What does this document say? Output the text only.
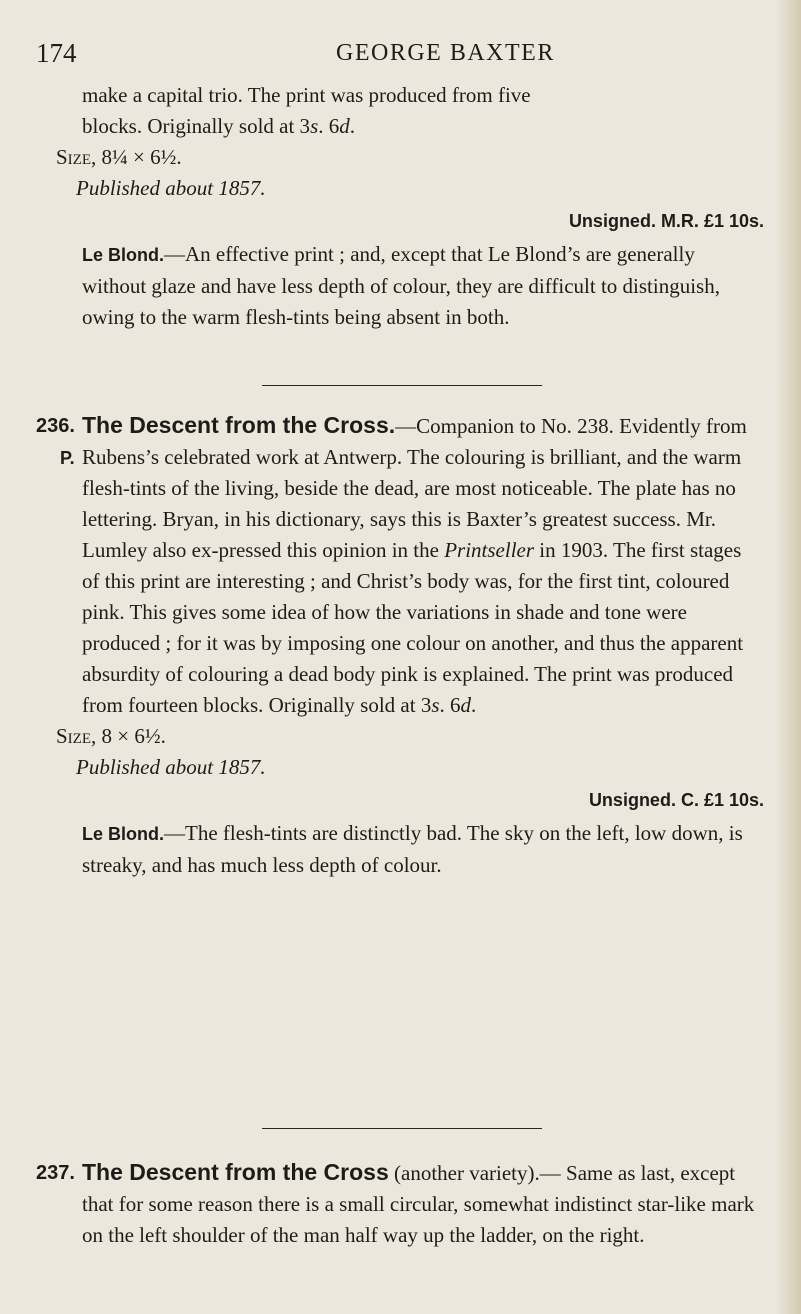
174	GEORGE BAXTER

make a capital trio. The print was produced from five

blocks. Originally sold at 3s. 6d.

Size, 8¼ × 6½.

Published about 1857.

Unsigned. M.R. £1 10s.

Le Blond.—An effective print ; and, except that Le Blond’s are generally without glaze and have less depth of colour, they are difficult to distinguish, owing to the warm flesh-tints being absent in both.

236.
P.

The Descent from the Cross.—Companion to No. 238. Evidently from Rubens’s celebrated work at Antwerp. The colouring is brilliant, and the warm flesh-tints of the living, beside the dead, are most noticeable. The plate has no lettering. Bryan, in his dictionary, says this is Baxter’s greatest success. Mr. Lumley also ex-pressed this opinion in the Printseller in 1903. The first stages of this print are interesting ; and Christ’s body was, for the first tint, coloured pink. This gives some idea of how the variations in shade and tone were produced ; for it was by imposing one colour on another, and thus the apparent absurdity of colouring a dead body pink is explained. The print was produced from fourteen blocks. Originally sold at 3s. 6d.

Size, 8 × 6½.

Published about 1857.

Unsigned. C. £1 10s.

Le Blond.—The flesh-tints are distinctly bad. The sky on the left, low down, is streaky, and has much less depth of colour.

237. The Descent from the Cross (another variety).— Same as last, except that for some reason there is a small circular, somewhat indistinct star-like mark on the left shoulder of the man half way up the ladder, on the right.
